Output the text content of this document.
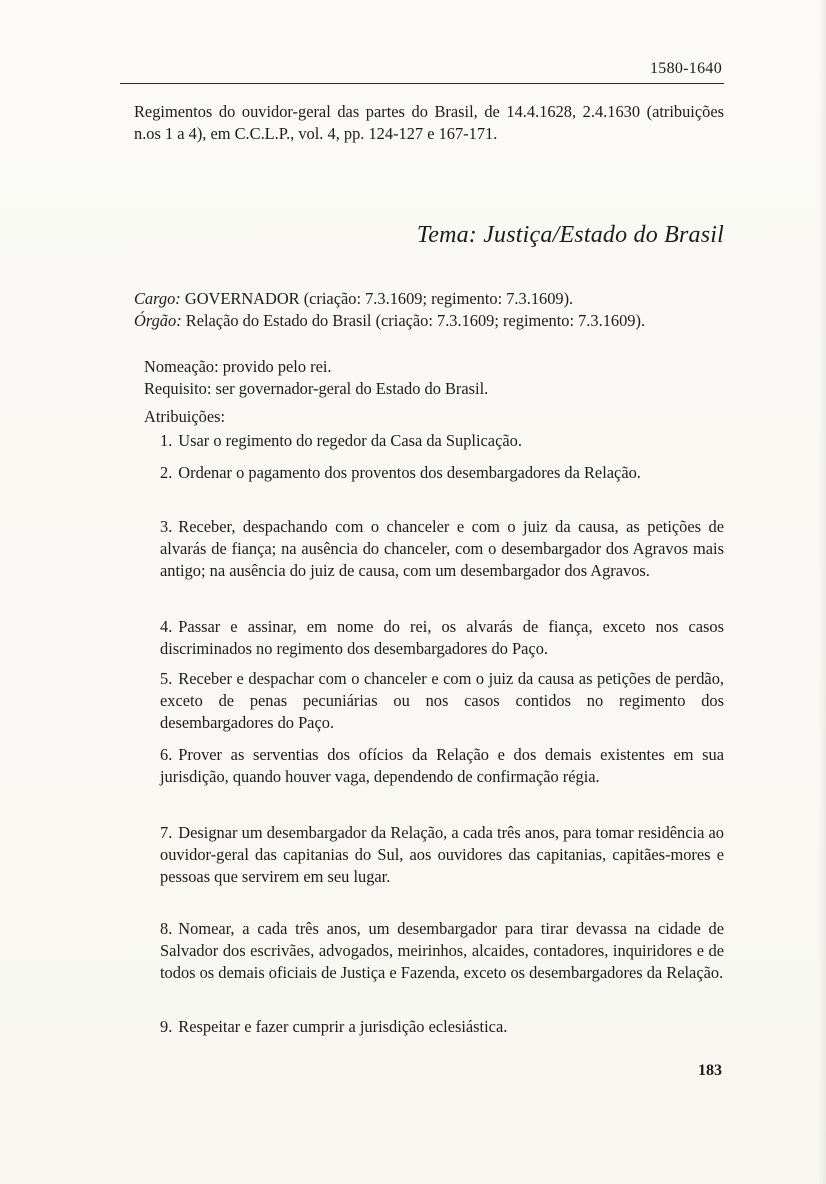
1580-1640
Regimentos do ouvidor-geral das partes do Brasil, de 14.4.1628, 2.4.1630 (atribuições n.os 1 a 4), em C.C.L.P., vol. 4, pp. 124-127 e 167-171.
Tema: Justiça/Estado do Brasil
Cargo: GOVERNADOR (criação: 7.3.1609; regimento: 7.3.1609).
Órgão: Relação do Estado do Brasil (criação: 7.3.1609; regimento: 7.3.1609).
Nomeação: provido pelo rei.
Requisito: ser governador-geral do Estado do Brasil.
Atribuições:
1. Usar o regimento do regedor da Casa da Suplicação.
2. Ordenar o pagamento dos proventos dos desembargadores da Relação.
3. Receber, despachando com o chanceler e com o juiz da causa, as petições de alvarás de fiança; na ausência do chanceler, com o desembargador dos Agravos mais antigo; na ausência do juiz de causa, com um desembargador dos Agravos.
4. Passar e assinar, em nome do rei, os alvarás de fiança, exceto nos casos discriminados no regimento dos desembargadores do Paço.
5. Receber e despachar com o chanceler e com o juiz da causa as petições de perdão, exceto de penas pecuniárias ou nos casos contidos no regimento dos desembargadores do Paço.
6. Prover as serventias dos ofícios da Relação e dos demais existentes em sua jurisdição, quando houver vaga, dependendo de confirmação régia.
7. Designar um desembargador da Relação, a cada três anos, para tomar residência ao ouvidor-geral das capitanias do Sul, aos ouvidores das capitanias, capitães-mores e pessoas que servirem em seu lugar.
8. Nomear, a cada três anos, um desembargador para tirar devassa na cidade de Salvador dos escrivães, advogados, meirinhos, alcaides, contadores, inquiridores e de todos os demais oficiais de Justiça e Fazenda, exceto os desembargadores da Relação.
9. Respeitar e fazer cumprir a jurisdição eclesiástica.
183
